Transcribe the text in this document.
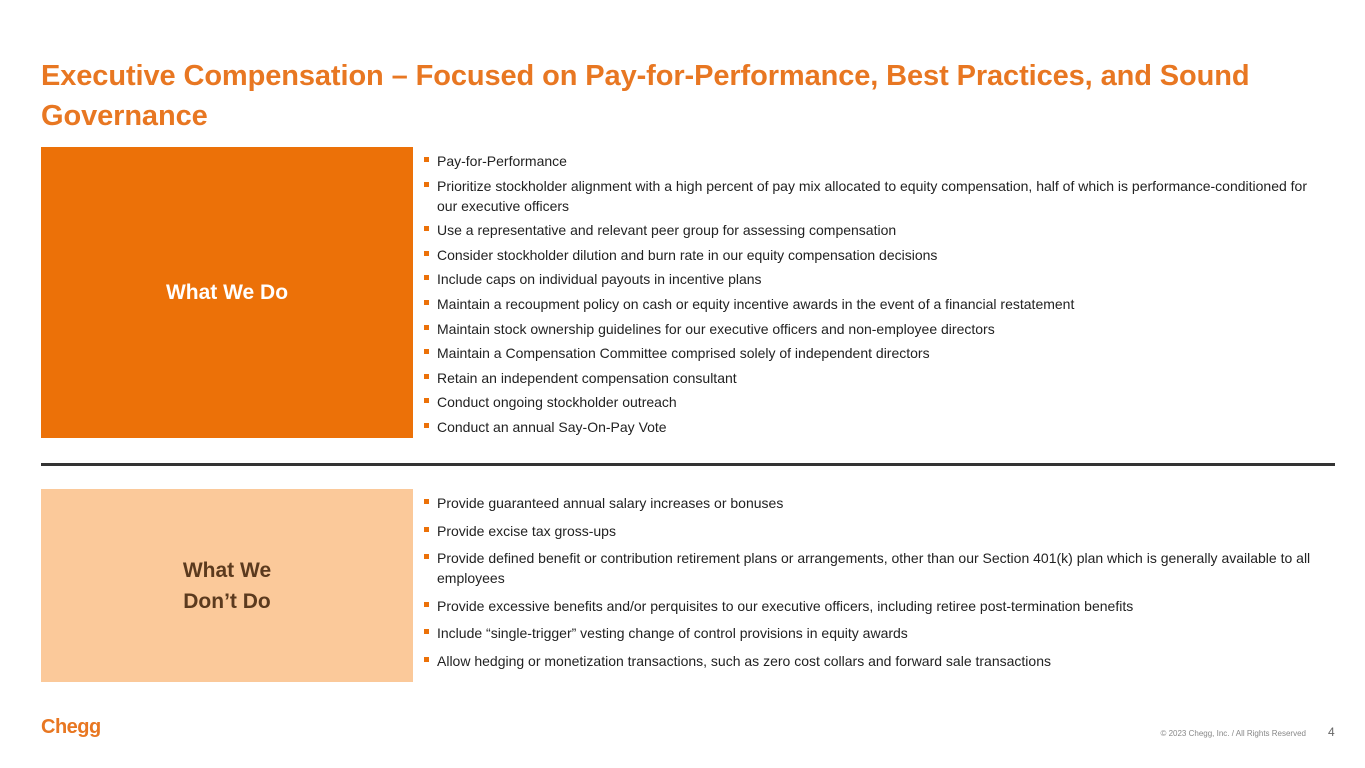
Executive Compensation – Focused on Pay-for-Performance, Best Practices, and Sound Governance
What We Do
Pay-for-Performance
Prioritize stockholder alignment with a high percent of pay mix allocated to equity compensation, half of which is performance-conditioned for our executive officers
Use a representative and relevant peer group for assessing compensation
Consider stockholder dilution and burn rate in our equity compensation decisions
Include caps on individual payouts in incentive plans
Maintain a recoupment policy on cash or equity incentive awards in the event of a financial restatement
Maintain stock ownership guidelines for our executive officers and non-employee directors
Maintain a Compensation Committee comprised solely of independent directors
Retain an independent compensation consultant
Conduct ongoing stockholder outreach
Conduct an annual Say-On-Pay Vote
What We
Don’t Do
Provide guaranteed annual salary increases or bonuses
Provide excise tax gross-ups
Provide defined benefit or contribution retirement plans or arrangements, other than our Section 401(k) plan which is generally available to all employees
Provide excessive benefits and/or perquisites to our executive officers, including retiree post-termination benefits
Include “single-trigger” vesting change of control provisions in equity awards
Allow hedging or monetization transactions, such as zero cost collars and forward sale transactions
Chegg	© 2023 Chegg, Inc. / All Rights Reserved 4
